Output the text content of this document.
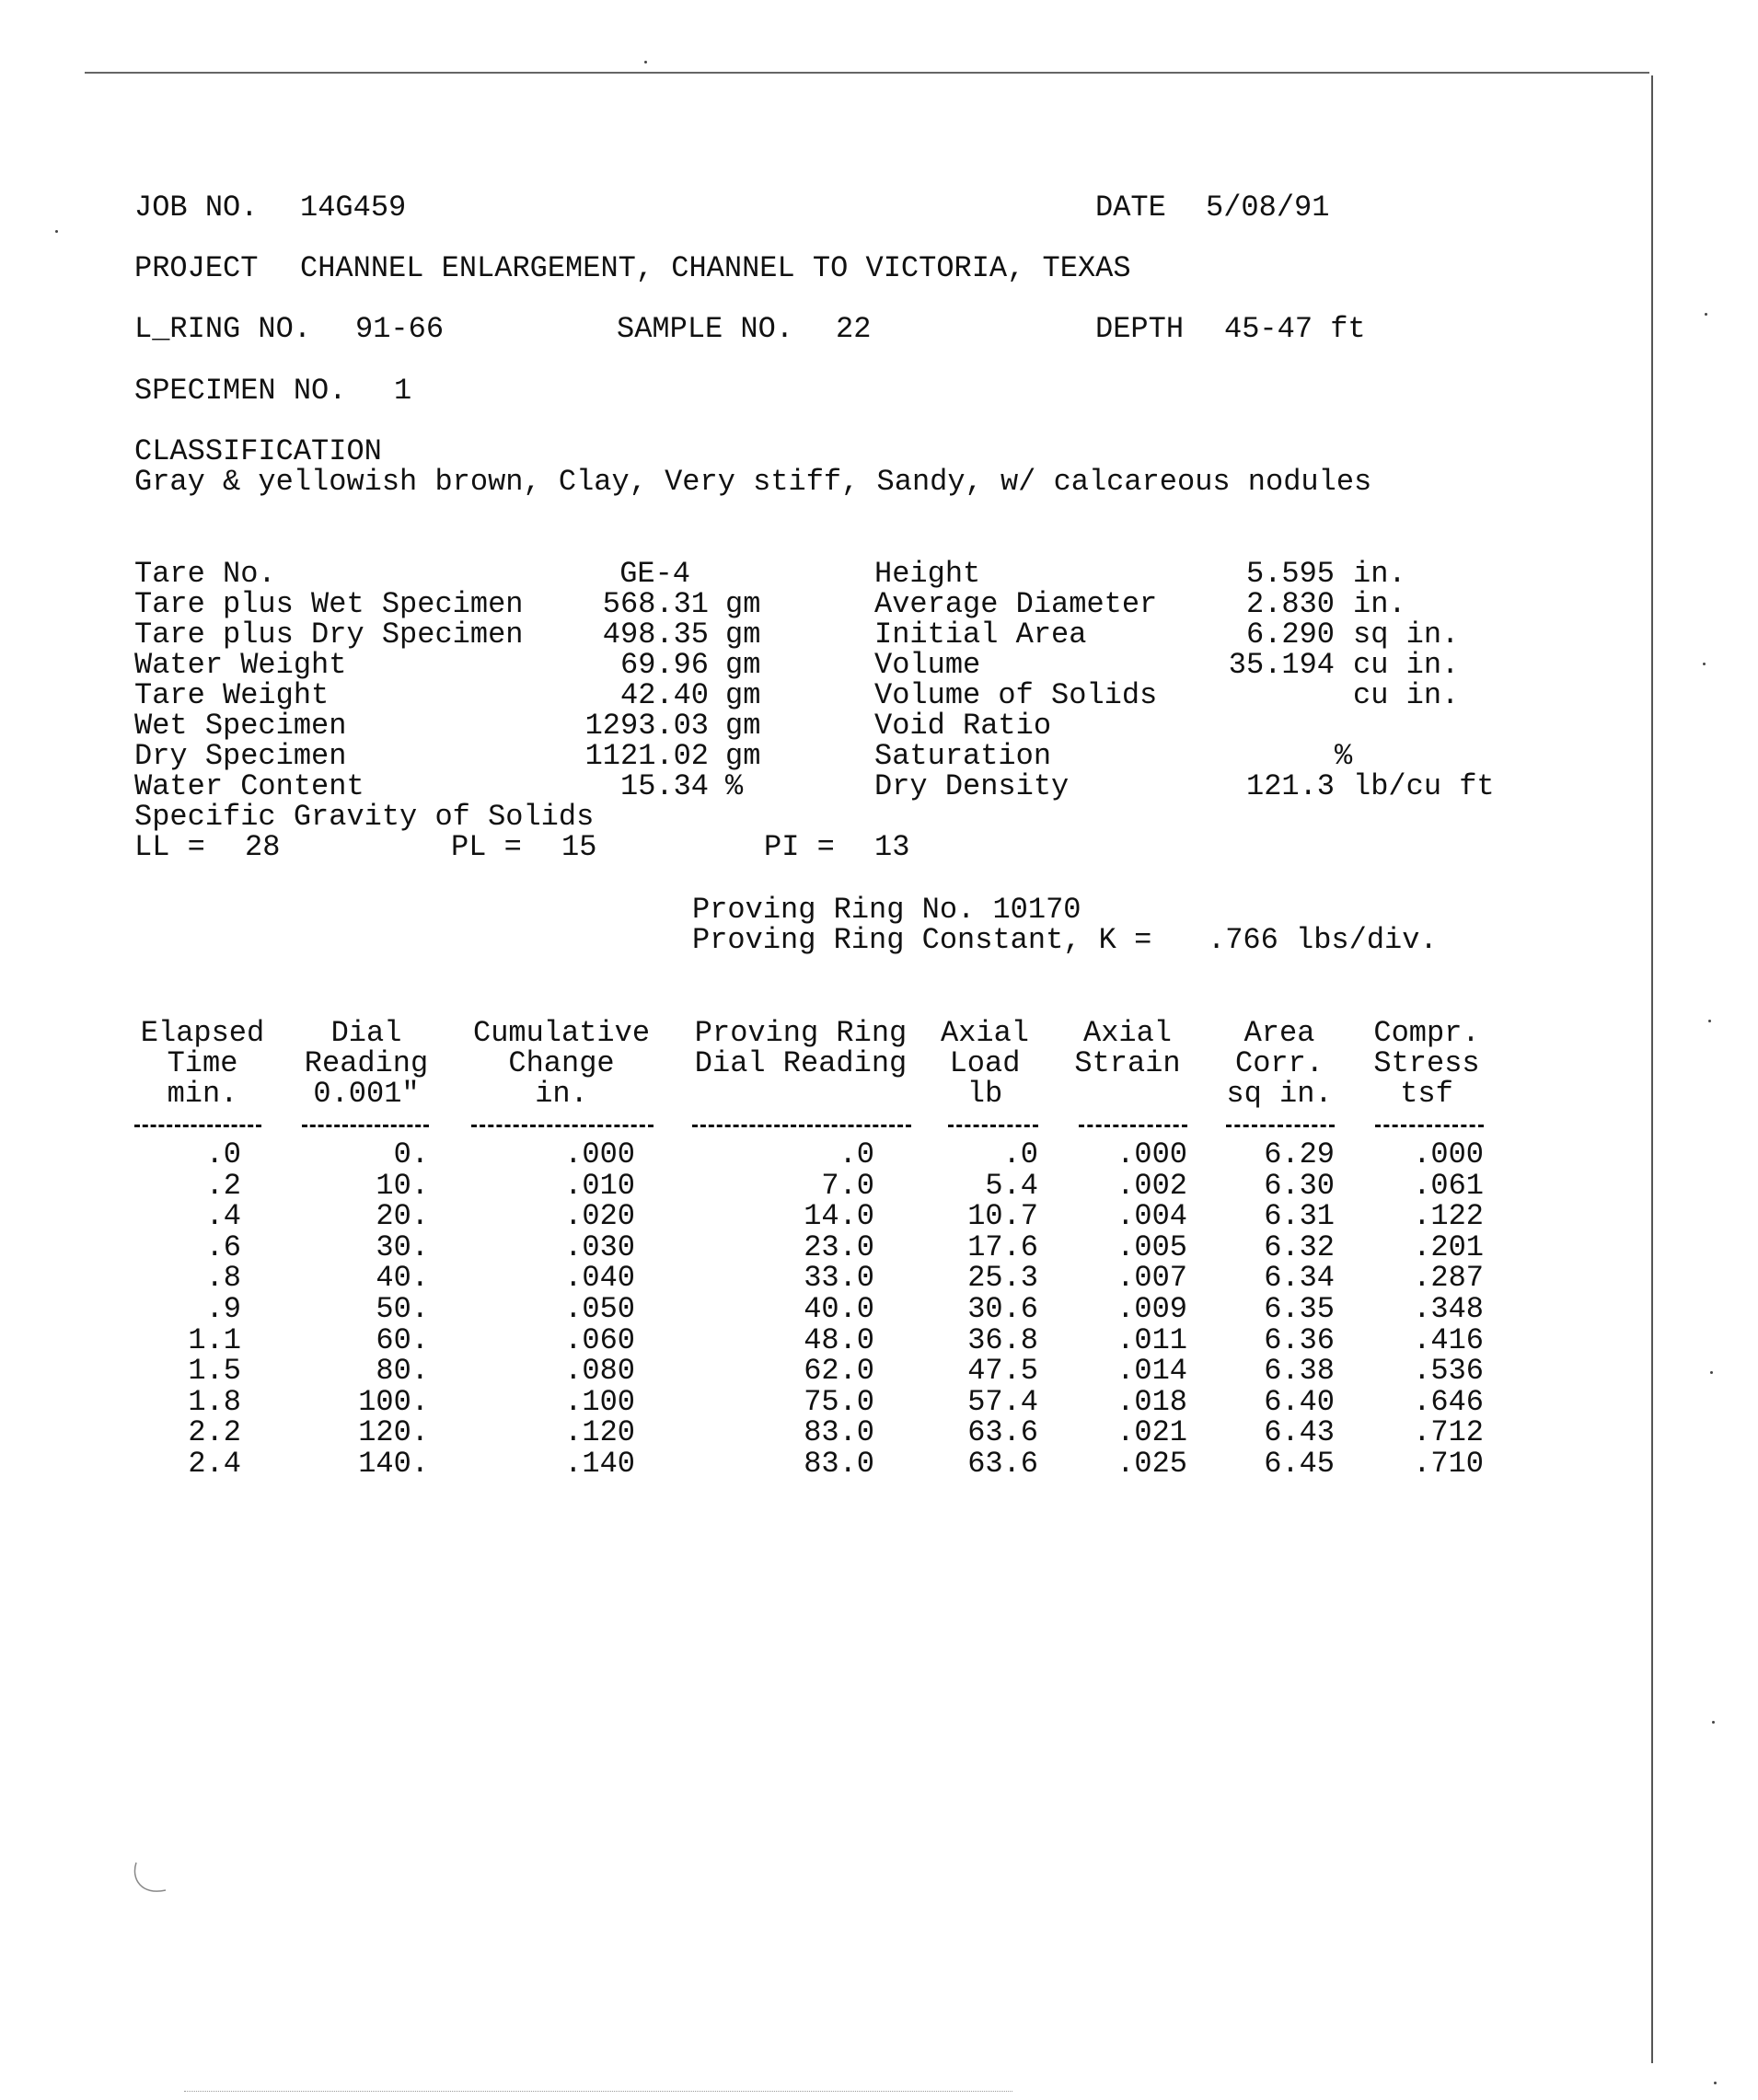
JOB NO. 14G459	DATE 5/08/91
PROJECT CHANNEL ENLARGEMENT, CHANNEL TO VICTORIA, TEXAS
L_RING NO. 91-66	SAMPLE NO. 22	DEPTH 45-47 ft
SPECIMEN NO. 1
CLASSIFICATION
Gray & yellowish brown, Clay, Very stiff, Sandy, w/ calcareous nodules
Tare No.	GE-4
Tare plus Wet Specimen	568.31 gm
Tare plus Dry Specimen	498.35 gm
Water Weight	69.96 gm
Tare Weight	42.40 gm
Wet Specimen	1293.03 gm
Dry Specimen	1121.02 gm
Water Content	15.34 %
Specific Gravity of Solids
Height	5.595 in.
Average Diameter	2.830 in.
Initial Area	6.290 sq in.
Volume	35.194 cu in.
Volume of Solids	cu in.
Void Ratio
Saturation	%
Dry Density	121.3 lb/cu ft
LL = 28	PL = 15	PI = 13
Proving Ring No. 10170
Proving Ring Constant, K = .766 lbs/div.
Elapsed
Time
min.
Dial
Reading
0.001"
Cumulative
Change
in.
Proving Ring
Dial Reading
Axial
Load
lb
Axial
Strain
Area
Corr.
sq in.
Compr.
Stress
tsf
.0	0.	.000	.0	.0	.000	6.29	.000
.2	10.	.010	7.0	5.4	.002	6.30	.061
.4	20.	.020	14.0	10.7	.004	6.31	.122
.6	30.	.030	23.0	17.6	.005	6.32	.201
.8	40.	.040	33.0	25.3	.007	6.34	.287
.9	50.	.050	40.0	30.6	.009	6.35	.348
1.1	60.	.060	48.0	36.8	.011	6.36	.416
1.5	80.	.080	62.0	47.5	.014	6.38	.536
1.8	100.	.100	75.0	57.4	.018	6.40	.646
2.2	120.	.120	83.0	63.6	.021	6.43	.712
2.4	140.	.140	83.0	63.6	.025	6.45	.710
